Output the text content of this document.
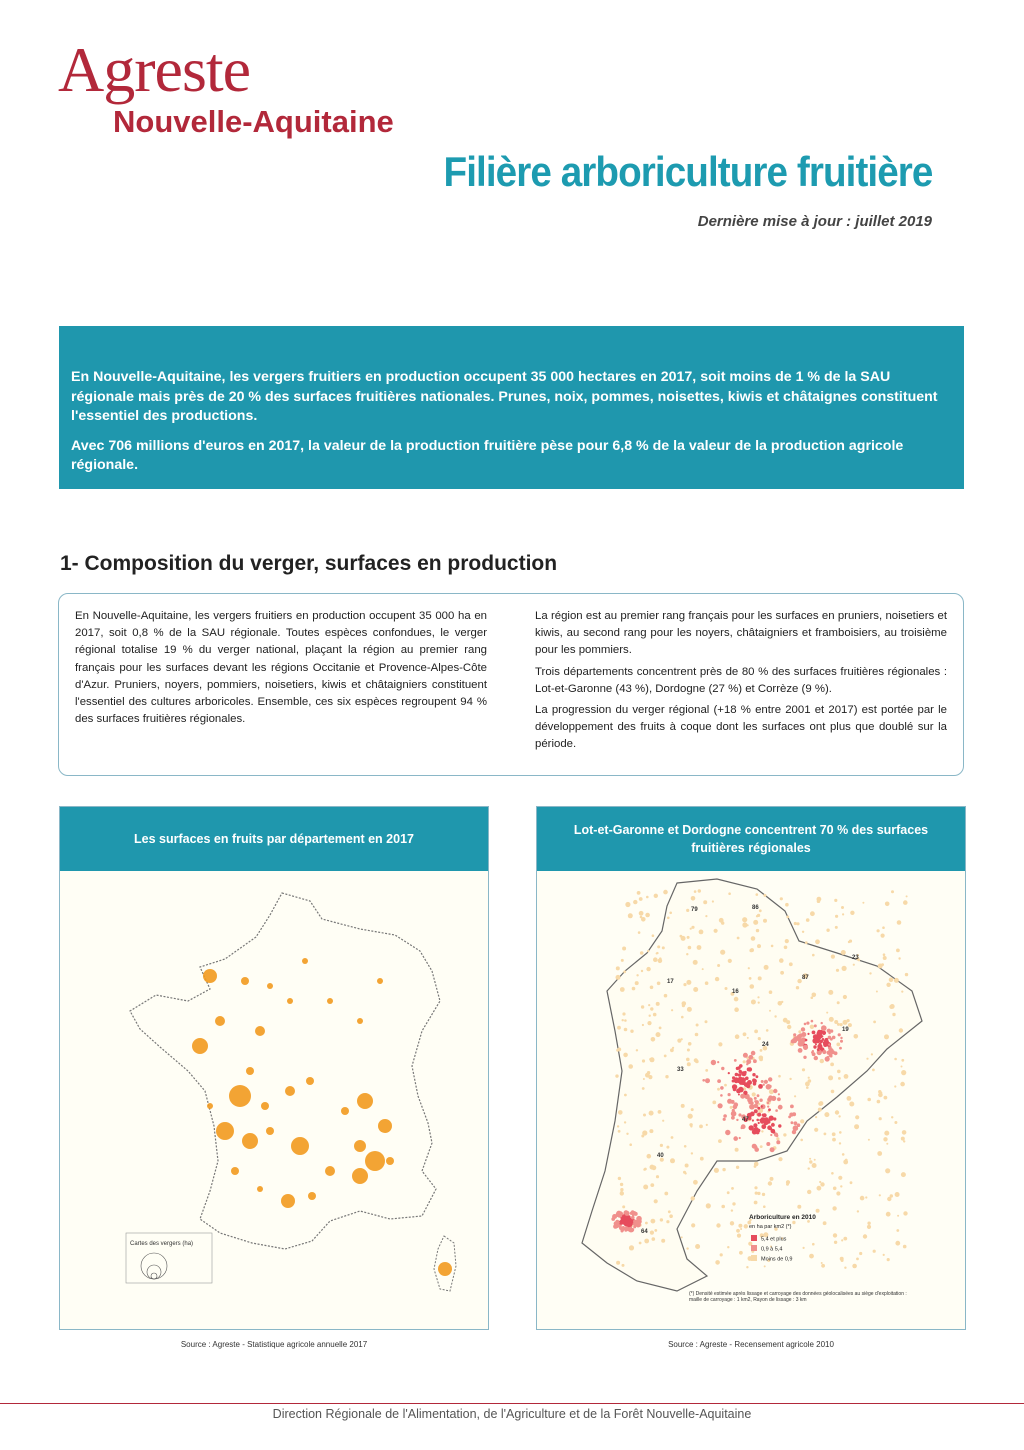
Agreste
Nouvelle-Aquitaine
Filière arboriculture fruitière
Dernière mise à jour : juillet 2019

En Nouvelle-Aquitaine, les vergers fruitiers en production occupent 35 000 hectares en 2017, soit moins de 1 % de la SAU régionale mais près de 20 % des surfaces fruitières nationales. Prunes, noix, pommes, noisettes, kiwis et châtaignes constituent l'essentiel des productions.

Avec 706 millions d'euros en 2017, la valeur de la production fruitière pèse pour 6,8 % de la valeur de la production agricole régionale.

1- Composition du verger, surfaces en production

En Nouvelle-Aquitaine, les vergers fruitiers en production occupent 35 000 ha en 2017, soit 0,8 % de la SAU régionale. Toutes espèces confondues, le verger régional totalise 19 % du verger national, plaçant la région au premier rang français pour les surfaces devant les régions Occitanie et Provence-Alpes-Côte d'Azur. Pruniers, noyers, pommiers, noisetiers, kiwis et châtaigniers constituent l'essentiel des cultures arboricoles. Ensemble, ces six espèces regroupent 94 % des surfaces fruitières régionales.

La région est au premier rang français pour les surfaces en pruniers, noisetiers et kiwis, au second rang pour les noyers, châtaigniers et framboisiers, au troisième pour les pommiers.

Trois départements concentrent près de 80 % des surfaces fruitières régionales : Lot-et-Garonne (43 %), Dordogne (27 %) et Corrèze (9 %).

La progression du verger régional (+18 % entre 2001 et 2017) est portée par le développement des fruits à coque dont les surfaces ont plus que doublé sur la période.

Les surfaces en fruits par département en 2017
Cartes des vergers (ha)
Source : Agreste - Statistique agricole annuelle 2017
Lot-et-Garonne et Dordogne concentrent 70 % des surfaces fruitières régionales
79	86
17
16
87
23
19
24
33
47
40
64
Arboriculture en 2010
en ha par km2 (*)
5,4 et plus
0,9 à 5,4
Moins de 0,9
(*) Densité estimée après lissage et carroyage des données géolocalisées au siège d'exploitation : maille de carroyage : 1 km2, Rayon de lissage : 3 km
Source : Agreste - Recensement agricole 2010
Direction Régionale de l'Alimentation, de l'Agriculture et de la Forêt Nouvelle-Aquitaine
